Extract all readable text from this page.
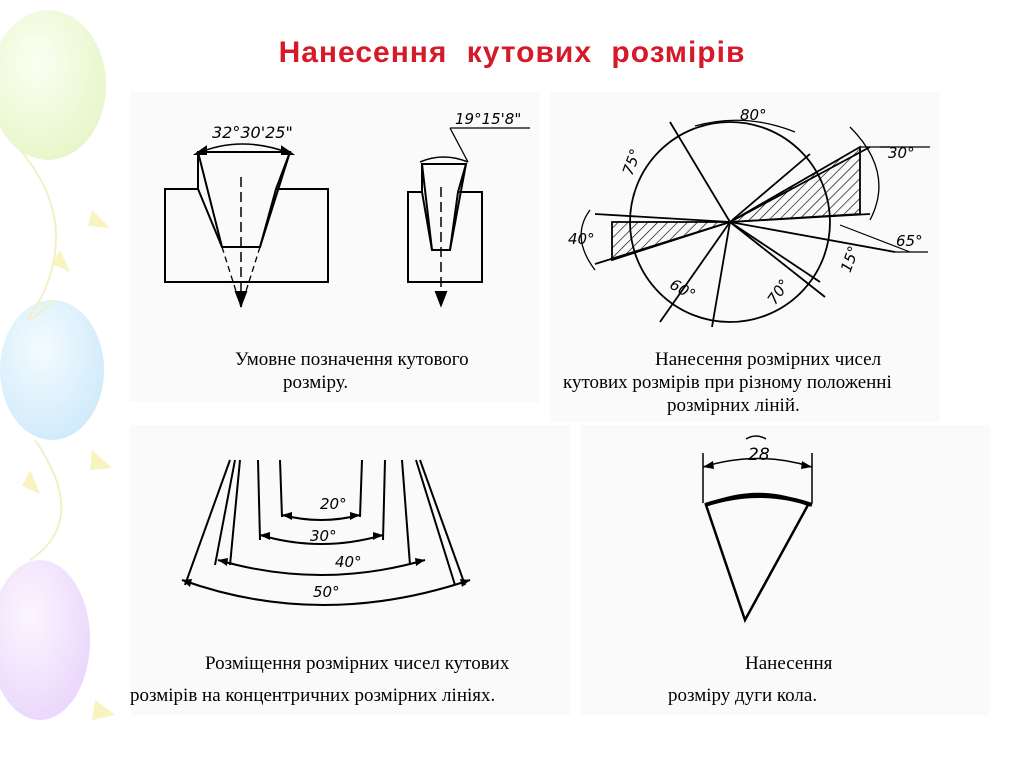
Нанесення кутових розмірів
32°30'25"
19°15'8"
Умовне позначення кутового
розміру.
80°
75°	30°
40°	65°
15°
60°	70°
Нанесення розмірних чисел
кутових розмірів при різному положенні
розмірних ліній.
20°
30°
40°
50°
Розміщення розмірних чисел кутових
розмірів на концентричних розмірних лініях.
28
Нанесення
розміру дуги кола.
